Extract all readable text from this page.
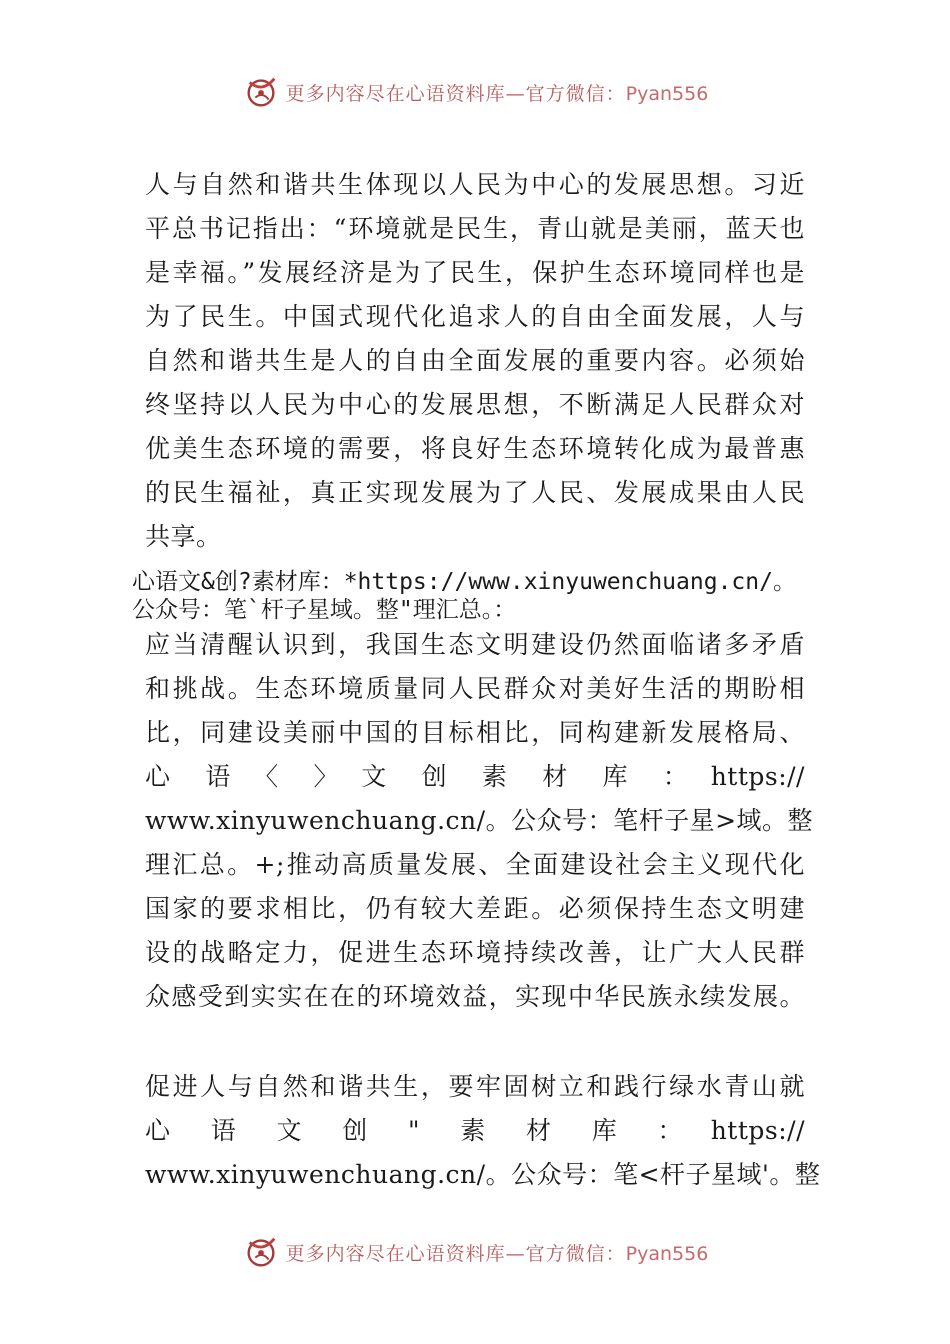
更多内容尽在心语资料库—官方微信：Pyan556
人与自然和谐共生体现以人民为中心的发展思想。习近
平总书记指出：“环境就是民生，青山就是美丽，蓝天也
是幸福。”发展经济是为了民生，保护生态环境同样也是
为了民生。中国式现代化追求人的自由全面发展，人与
自然和谐共生是人的自由全面发展的重要内容。必须始
终坚持以人民为中心的发展思想，不断满足人民群众对
优美生态环境的需要，将良好生态环境转化成为最普惠
的民生福祉，真正实现发展为了人民、发展成果由人民
共享。
心语文&创?素材库：*https://www.xinyuwenchuang.cn/。
公众号：笔`杆子星域。整"理汇总。：
应当清醒认识到，我国生态文明建设仍然面临诸多矛盾
和挑战。生态环境质量同人民群众对美好生活的期盼相
比，同建设美丽中国的目标相比，同构建新发展格局、
心　语　〈　〉　文　创　素　材　库　：　https://
www.xinyuwenchuang.cn/。公众号：笔杆子星>域。整
理汇总。+;推动高质量发展、全面建设社会主义现代化
国家的要求相比，仍有较大差距。必须保持生态文明建
设的战略定力，促进生态环境持续改善，让广大人民群
众感受到实实在在的环境效益，实现中华民族永续发展。
促进人与自然和谐共生，要牢固树立和践行绿水青山就
心　语　文　创　"　素　材　库　：　https://
www.xinyuwenchuang.cn/。公众号：笔<杆子星域'。整
更多内容尽在心语资料库—官方微信：Pyan556
